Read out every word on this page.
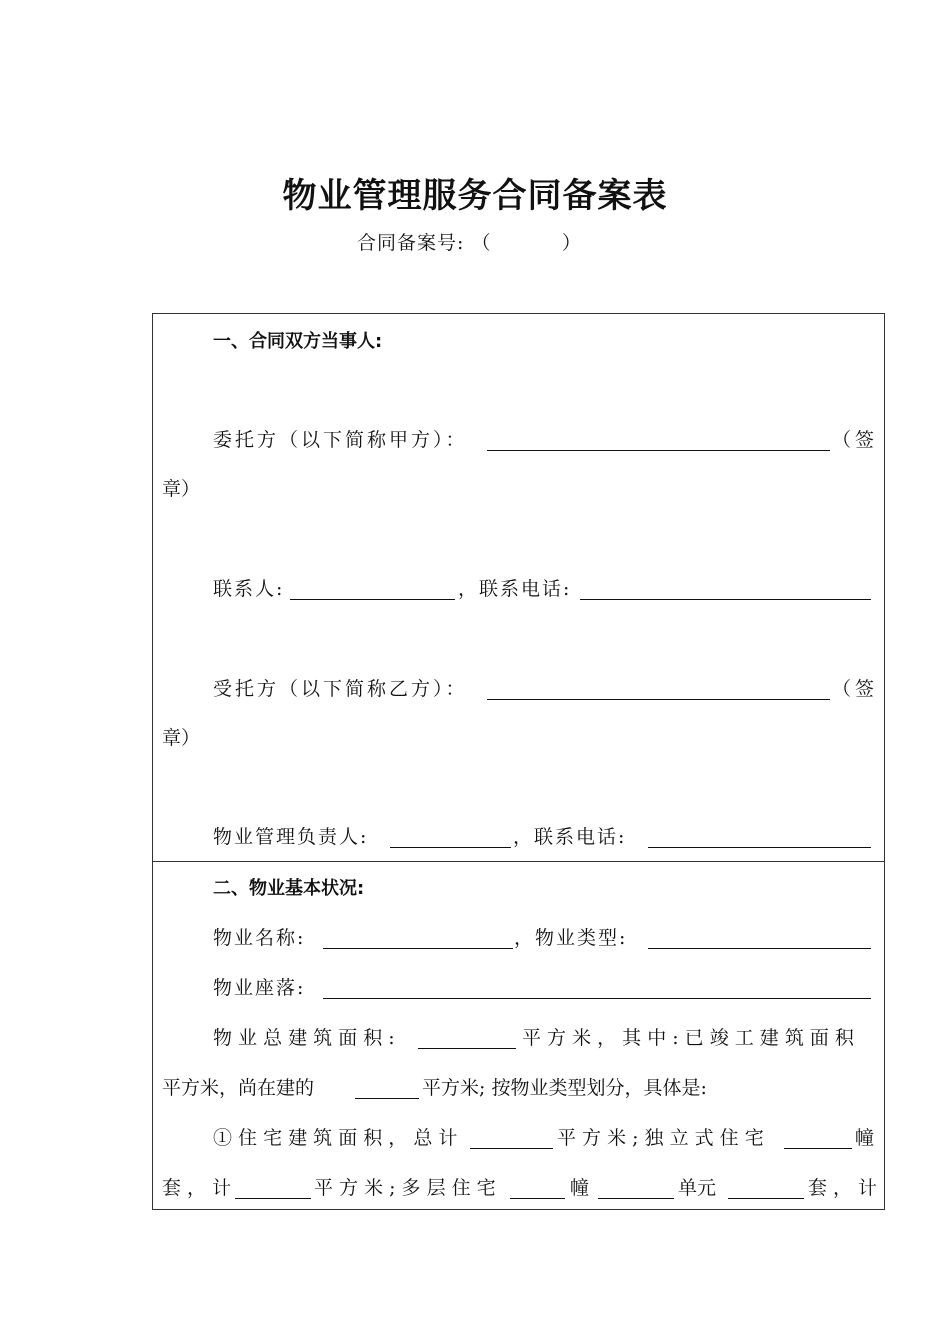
物业管理服务合同备案表
合同备案号: （          ）
一、合同双方当事人:
委托方（以下简称甲方）：	（签
章）
联系人:	，联系电话:
受托方（以下简称乙方）：	（签
章）
物业管理负责人:	，联系电话:
二、物业基本状况:
物业名称:	，物业类型:
物业座落:
物 业 总 建 筑 面 积 :	平 方 米 ， 其 中 : 已 竣 工 建 筑 面 积
平方米，尚在建的	平方米; 按物业类型划分，具体是:
① 住 宅 建 筑 面 积 ， 总 计	平 方 米 ; 独 立 式 住 宅	幢
套 ， 计	平 方 米 ; 多 层 住 宅	幢	单元	套，计
